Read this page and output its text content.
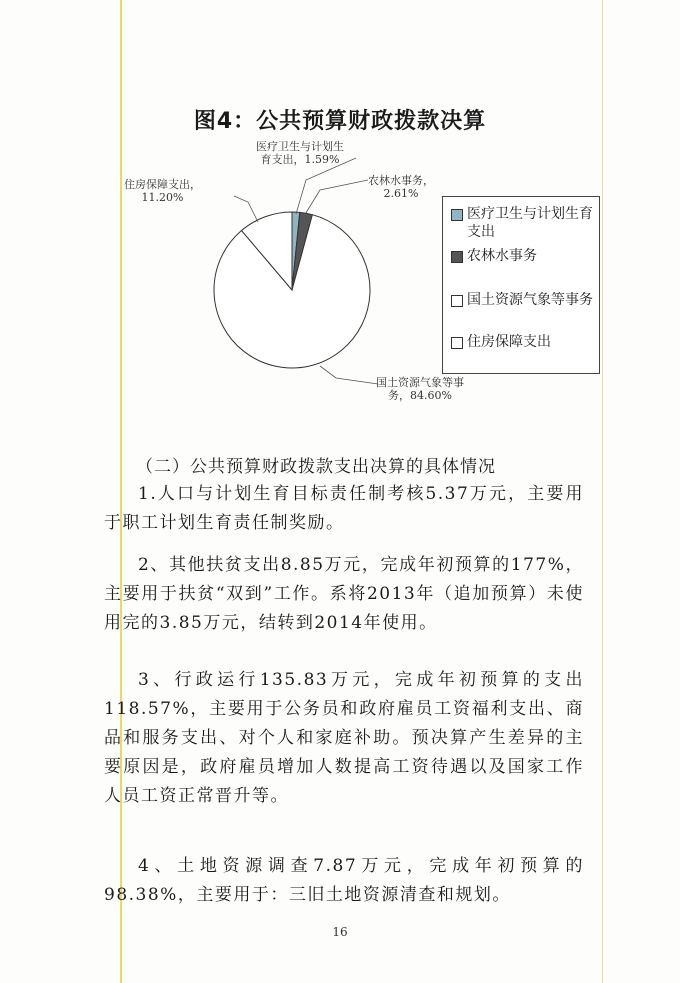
图4：公共预算财政拨款决算
医疗卫生与计划生
育支出，1.59%
农林水事务，
2.61%
住房保障支出，
11.20%
国土资源气象等事
务，84.60%
医疗卫生与计划生育支出
农林水事务
国土资源气象等事务
住房保障支出
（二）公共预算财政拨款支出决算的具体情况

1.人口与计划生育目标责任制考核5.37万元，主要用于职工计划生育责任制奖励。

2、其他扶贫支出8.85万元，完成年初预算的177%，主要用于扶贫“双到”工作。系将2013年（追加预算）未使用完的3.85万元，结转到2014年使用。

3、行政运行135.83万元，完成年初预算的支出118.57%，主要用于公务员和政府雇员工资福利支出、商品和服务支出、对个人和家庭补助。预决算产生差异的主要原因是，政府雇员增加人数提高工资待遇以及国家工作人员工资正常晋升等。

4、土地资源调查7.87万元，完成年初预算的98.38%，主要用于：三旧土地资源清查和规划。

16
